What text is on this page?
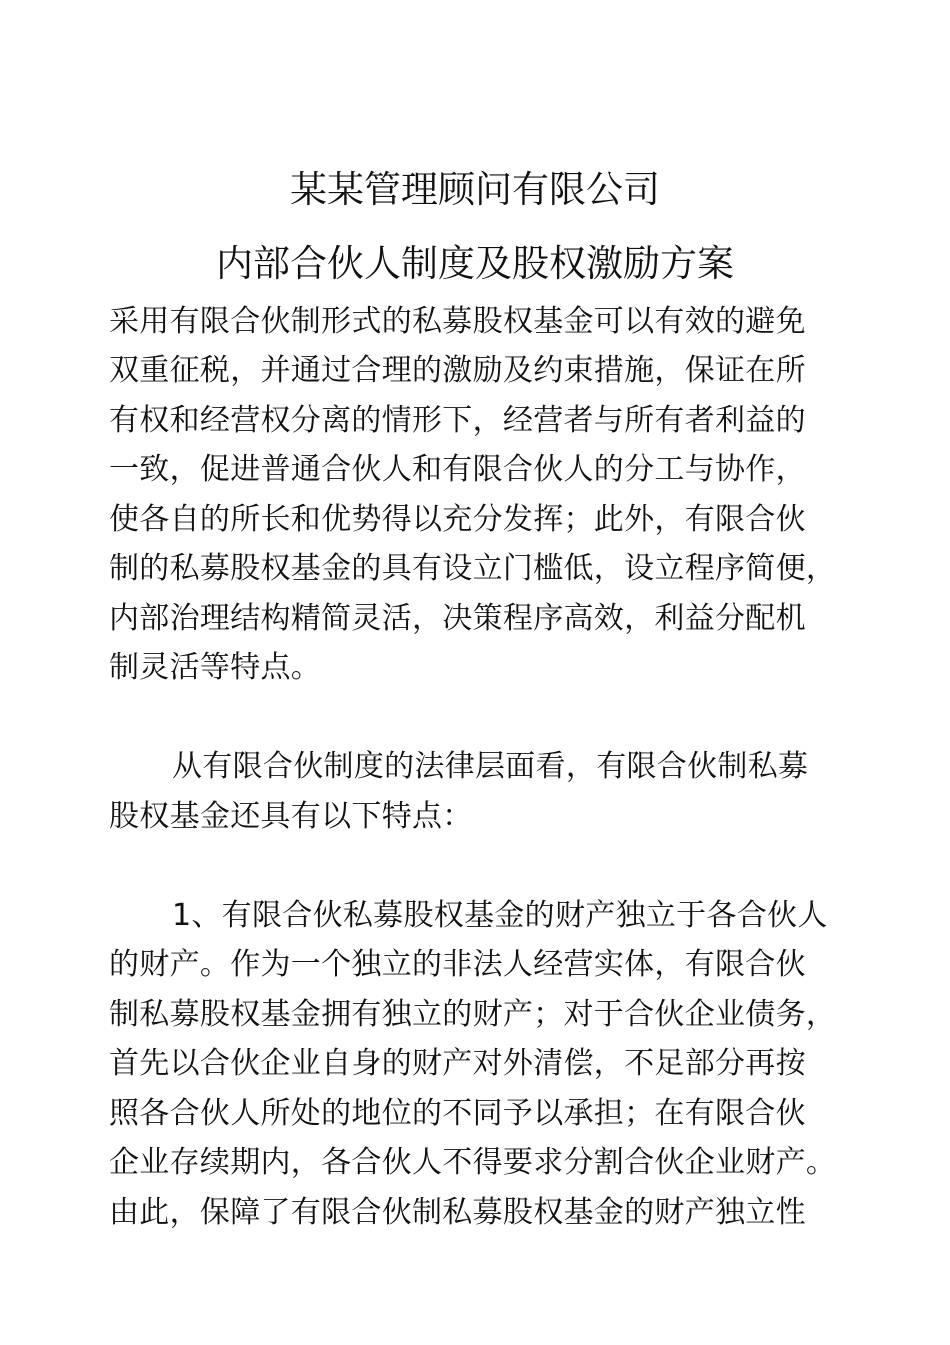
某某管理顾问有限公司
内部合伙人制度及股权激励方案
采用有限合伙制形式的私募股权基金可以有效的避免
双重征税，并通过合理的激励及约束措施，保证在所
有权和经营权分离的情形下，经营者与所有者利益的
一致，促进普通合伙人和有限合伙人的分工与协作，
使各自的所长和优势得以充分发挥；此外，有限合伙
制的私募股权基金的具有设立门槛低，设立程序简便，
内部治理结构精简灵活，决策程序高效，利益分配机
制灵活等特点。
从有限合伙制度的法律层面看，有限合伙制私募
股权基金还具有以下特点：
1、有限合伙私募股权基金的财产独立于各合伙人
的财产。作为一个独立的非法人经营实体，有限合伙
制私募股权基金拥有独立的财产；对于合伙企业债务，
首先以合伙企业自身的财产对外清偿，不足部分再按
照各合伙人所处的地位的不同予以承担；在有限合伙
企业存续期内，各合伙人不得要求分割合伙企业财产。
由此，保障了有限合伙制私募股权基金的财产独立性
